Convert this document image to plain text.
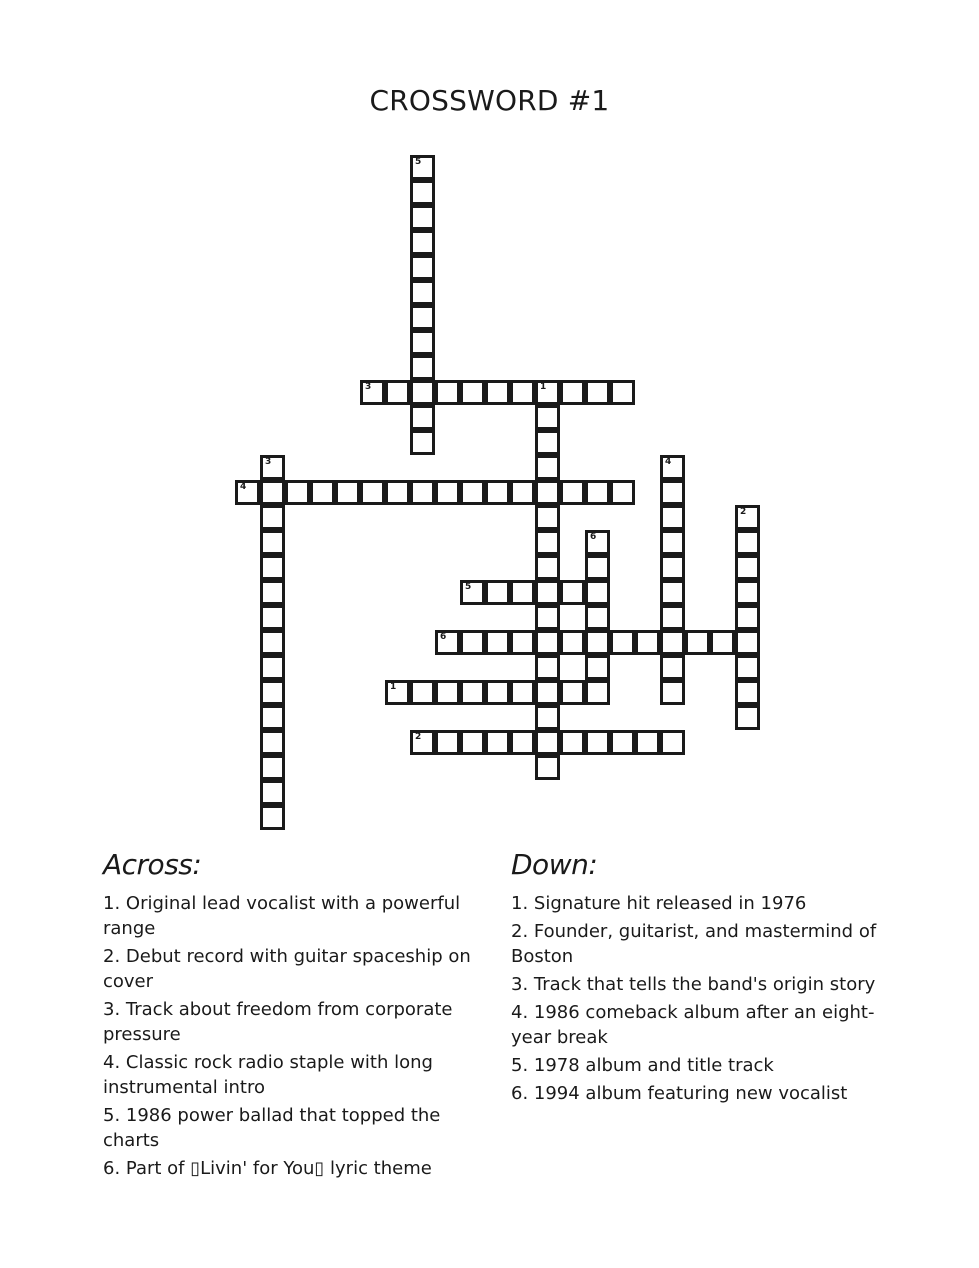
CROSSWORD #1
1
2
3	1
4
5
6
2
3	4
5
6
Across:
1. Original lead vocalist with a powerful range
2. Debut record with guitar spaceship on cover
3. Track about freedom from corporate pressure
4. Classic rock radio staple with long instrumental intro
5. 1986 power ballad that topped the charts
6. Part of ▯Livin' for You▯ lyric theme
Down:
1. Signature hit released in 1976
2. Founder, guitarist, and mastermind of Boston
3. Track that tells the band's origin story
4. 1986 comeback album after an eight-year break
5. 1978 album and title track
6. 1994 album featuring new vocalist
